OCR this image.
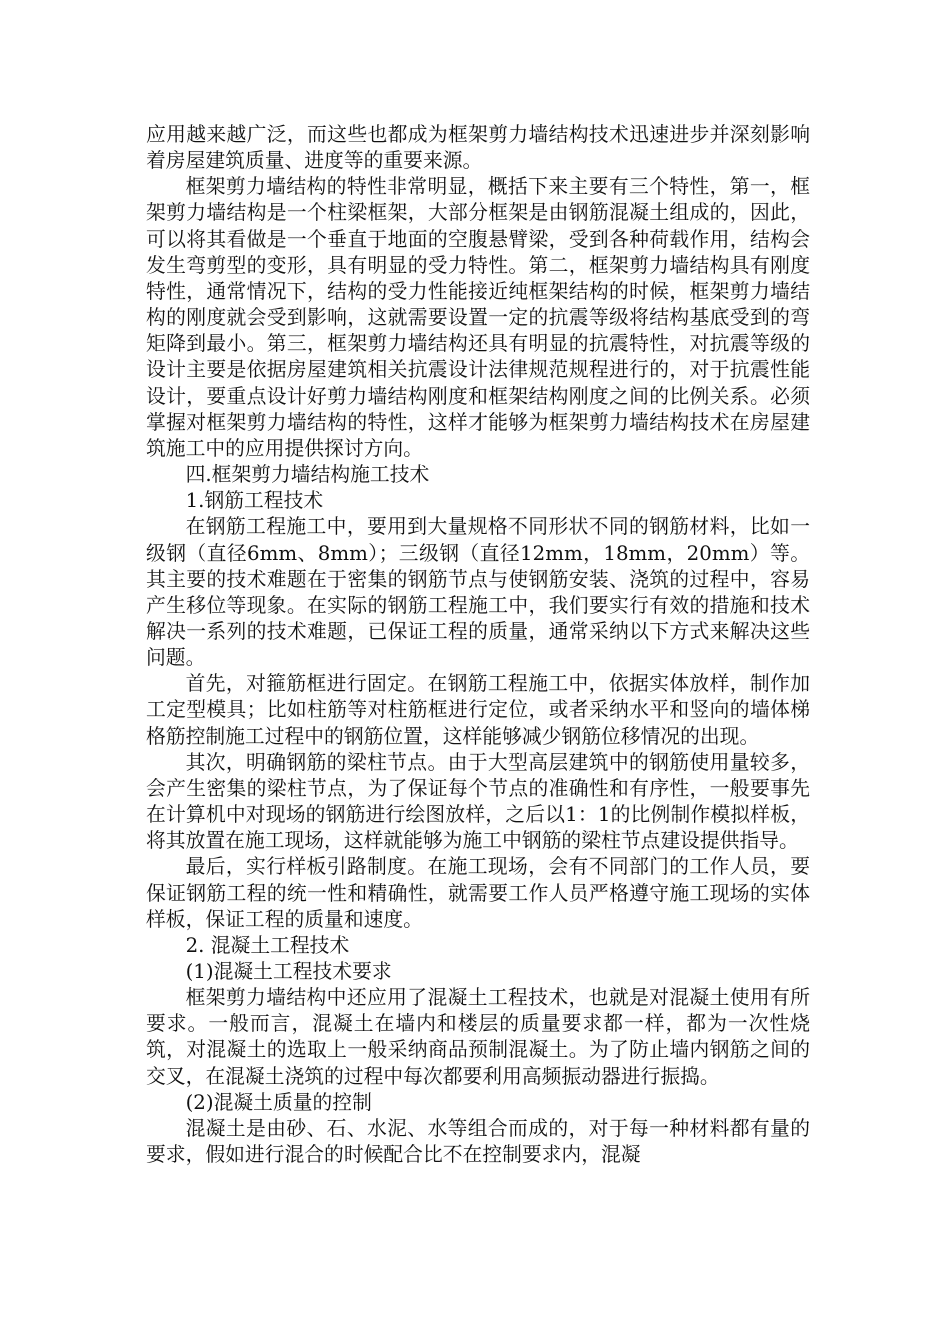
应用越来越广泛，而这些也都成为框架剪力墙结构技术迅速进步并深刻影响着房屋建筑质量、进度等的重要来源。

框架剪力墙结构的特性非常明显，概括下来主要有三个特性，第一，框架剪力墙结构是一个柱梁框架，大部分框架是由钢筋混凝土组成的，因此，可以将其看做是一个垂直于地面的空腹悬臂梁，受到各种荷载作用，结构会发生弯剪型的变形，具有明显的受力特性。第二，框架剪力墙结构具有刚度特性，通常情况下，结构的受力性能接近纯框架结构的时候，框架剪力墙结构的刚度就会受到影响，这就需要设置一定的抗震等级将结构基底受到的弯矩降到最小。第三，框架剪力墙结构还具有明显的抗震特性，对抗震等级的设计主要是依据房屋建筑相关抗震设计法律规范规程进行的，对于抗震性能设计，要重点设计好剪力墙结构刚度和框架结构刚度之间的比例关系。必须掌握对框架剪力墙结构的特性，这样才能够为框架剪力墙结构技术在房屋建筑施工中的应用提供探讨方向。

四.框架剪力墙结构施工技术

1.钢筋工程技术

在钢筋工程施工中，要用到大量规格不同形状不同的钢筋材料，比如一级钢（直径6mm、8mm）；三级钢（直径12mm，18mm，20mm）等。其主要的技术难题在于密集的钢筋节点与使钢筋安装、浇筑的过程中，容易产生移位等现象。在实际的钢筋工程施工中，我们要实行有效的措施和技术解决一系列的技术难题，已保证工程的质量，通常采纳以下方式来解决这些问题。

首先，对箍筋框进行固定。在钢筋工程施工中，依据实体放样，制作加工定型模具；比如柱筋等对柱筋框进行定位，或者采纳水平和竖向的墙体梯格筋控制施工过程中的钢筋位置，这样能够减少钢筋位移情况的出现。

其次，明确钢筋的梁柱节点。由于大型高层建筑中的钢筋使用量较多，会产生密集的梁柱节点，为了保证每个节点的准确性和有序性，一般要事先在计算机中对现场的钢筋进行绘图放样，之后以1：1的比例制作模拟样板，将其放置在施工现场，这样就能够为施工中钢筋的梁柱节点建设提供指导。

最后，实行样板引路制度。在施工现场，会有不同部门的工作人员，要保证钢筋工程的统一性和精确性，就需要工作人员严格遵守施工现场的实体样板，保证工程的质量和速度。

2. 混凝土工程技术

(1)混凝土工程技术要求

框架剪力墙结构中还应用了混凝土工程技术，也就是对混凝土使用有所要求。一般而言，混凝土在墙内和楼层的质量要求都一样，都为一次性烧筑，对混凝土的选取上一般采纳商品预制混凝土。为了防止墙内钢筋之间的交叉，在混凝土浇筑的过程中每次都要利用高频振动器进行振捣。

(2)混凝土质量的控制

混凝土是由砂、石、水泥、水等组合而成的，对于每一种材料都有量的要求，假如进行混合的时候配合比不在控制要求内，混凝
